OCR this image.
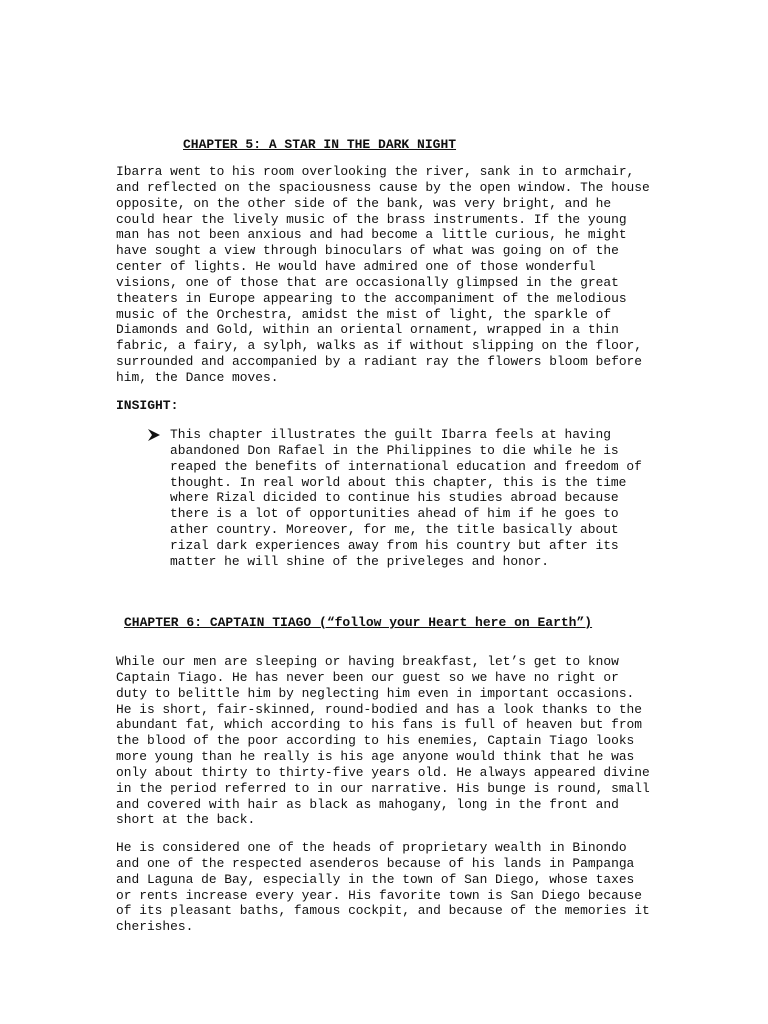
CHAPTER 5: A STAR IN THE DARK NIGHT
Ibarra went to his room overlooking the river, sank in to armchair,
and reflected on the spaciousness cause by the open window. The house
opposite, on the other side of the bank, was very bright, and he
could hear the lively music of the brass instruments. If the young
man has not been anxious and had become a little curious, he might
have sought a view through binoculars of what was going on of the
center of lights. He would have admired one of those wonderful
visions, one of those that are occasionally glimpsed in the great
theaters in Europe appearing to the accompaniment of the melodious
music of the Orchestra, amidst the mist of light, the sparkle of
Diamonds and Gold, within an oriental ornament, wrapped in a thin
fabric, a fairy, a sylph, walks as if without slipping on the floor,
surrounded and accompanied by a radiant ray the flowers bloom before
him, the Dance moves.
INSIGHT:
This chapter illustrates the guilt Ibarra feels at having
abandoned Don Rafael in the Philippines to die while he is
reaped the benefits of international education and freedom of
thought. In real world about this chapter, this is the time
where Rizal dicided to continue his studies abroad because
there is a lot of opportunities ahead of him if he goes to
ather country. Moreover, for me, the title basically about
rizal dark experiences away from his country but after its
matter he will shine of the priveleges and honor.
CHAPTER 6: CAPTAIN TIAGO (“follow your Heart here on Earth”)
While our men are sleeping or having breakfast, let’s get to know
Captain Tiago. He has never been our guest so we have no right or
duty to belittle him by neglecting him even in important occasions.
He is short, fair-skinned, round-bodied and has a look thanks to the
abundant fat, which according to his fans is full of heaven but from
the blood of the poor according to his enemies, Captain Tiago looks
more young than he really is his age anyone would think that he was
only about thirty to thirty-five years old. He always appeared divine
in the period referred to in our narrative. His bunge is round, small
and covered with hair as black as mahogany, long in the front and
short at the back.
He is considered one of the heads of proprietary wealth in Binondo
and one of the respected asenderos because of his lands in Pampanga
and Laguna de Bay, especially in the town of San Diego, whose taxes
or rents increase every year. His favorite town is San Diego because
of its pleasant baths, famous cockpit, and because of the memories it
cherishes.
